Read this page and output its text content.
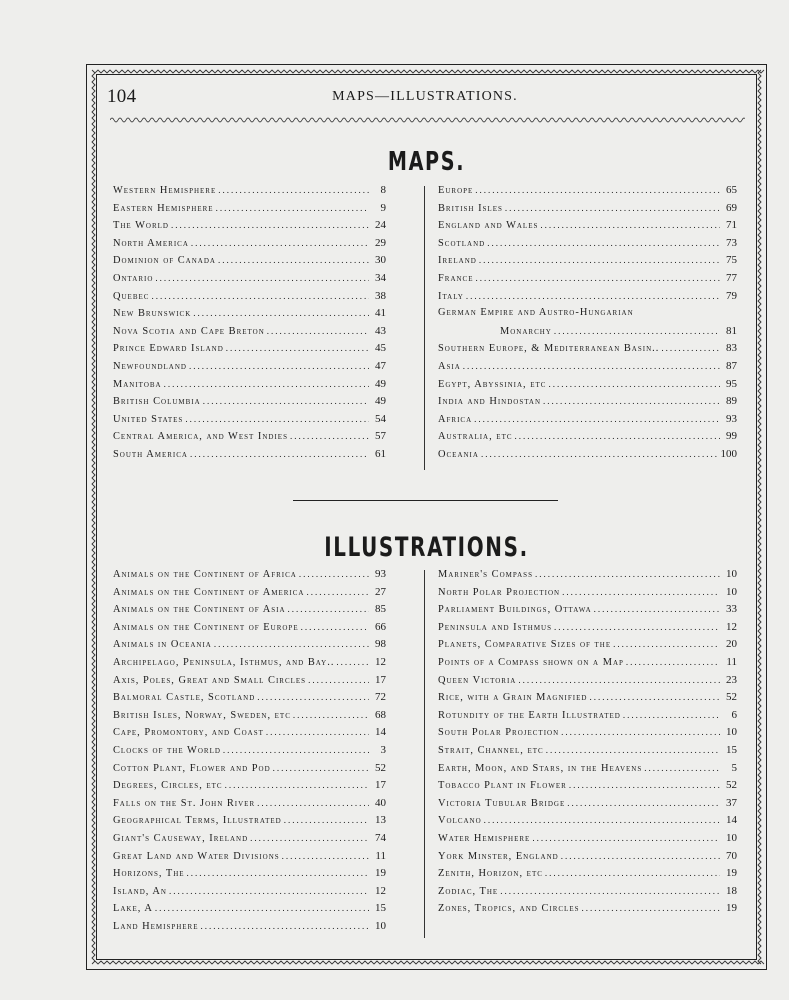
104	MAPS—ILLUSTRATIONS.
MAPS.
Western Hemisphere .....	8
Eastern Hemisphere .....	9
The World .....	24
North America .....	29
Dominion of Canada .....	30
Ontario .....	34
Quebec .....	38
New Brunswick .....	41
Nova Scotia and Cape Breton .....	43
Prince Edward Island .....	45
Newfoundland .....	47
Manitoba .....	49
British Columbia .....	49
United States .....	54
Central America, and West Indies .....	57
South America .....	61
Europe .....	65
British Isles .....	69
England and Wales .....	71
Scotland .....	73
Ireland .....	75
France .....	77
Italy .....	79
German Empire and Austro-Hungarian
Monarchy .....	81
Southern Europe, & Mediterranean Basin.. .....	83
Asia .....	87
Egypt, Abyssinia, etc .....	95
India and Hindostan .....	89
Africa .....	93
Australia, etc .....	99
Oceania .....	100
ILLUSTRATIONS.
Animals on the Continent of Africa .....	93
Animals on the Continent of America .....	27
Animals on the Continent of Asia .....	85
Animals on the Continent of Europe .....	66
Animals in Oceania .....	98
Archipelago, Peninsula, Isthmus, and Bay.. .....	12
Axis, Poles, Great and Small Circles .....	17
Balmoral Castle, Scotland .....	72
British Isles, Norway, Sweden, etc .....	68
Cape, Promontory, and Coast .....	14
Clocks of the World .....	3
Cotton Plant, Flower and Pod .....	52
Degrees, Circles, etc .....	17
Falls on the St. John River .....	40
Geographical Terms, Illustrated .....	13
Giant's Causeway, Ireland .....	74
Great Land and Water Divisions .....	11
Horizons, The .....	19
Island, An .....	12
Lake, A .....	15
Land Hemisphere .....	10
Mariner's Compass .....	10
North Polar Projection .....	10
Parliament Buildings, Ottawa .....	33
Peninsula and Isthmus .....	12
Planets, Comparative Sizes of the .....	20
Points of a Compass shown on a Map .....	11
Queen Victoria .....	23
Rice, with a Grain Magnified .....	52
Rotundity of the Earth Illustrated .....	6
South Polar Projection .....	10
Strait, Channel, etc .....	15
Earth, Moon, and Stars, in the Heavens .....	5
Tobacco Plant in Flower .....	52
Victoria Tubular Bridge .....	37
Volcano .....	14
Water Hemisphere .....	10
York Minster, England .....	70
Zenith, Horizon, etc .....	19
Zodiac, The .....	18
Zones, Tropics, and Circles .....	19
